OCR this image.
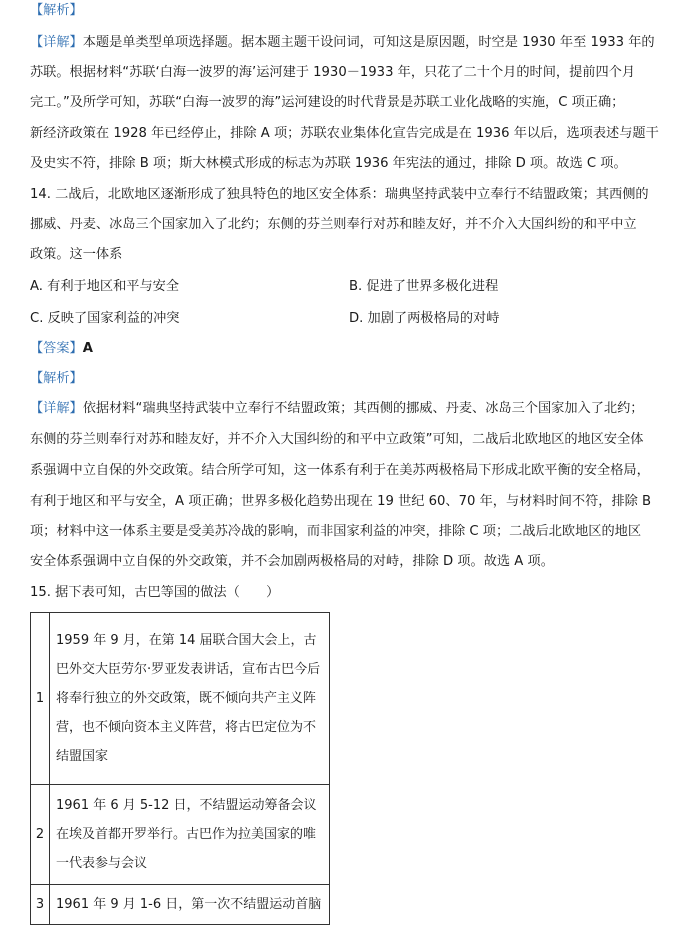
【解析】
【详解】本题是单类型单项选择题。据本题主题干设问词，可知这是原因题，时空是 1930 年至 1933 年的
苏联。根据材料“苏联‘白海一波罗的海’运河建于 1930－1933 年，只花了二十个月的时间，提前四个月
完工。”及所学可知，苏联“白海一波罗的海”运河建设的时代背景是苏联工业化战略的实施，C 项正确；
新经济政策在 1928 年已经停止，排除 A 项；苏联农业集体化宣告完成是在 1936 年以后，选项表述与题干
及史实不符，排除 B 项；斯大林模式形成的标志为苏联 1936 年宪法的通过，排除 D 项。故选 C 项。
14. 二战后，北欧地区逐渐形成了独具特色的地区安全体系：瑞典坚持武装中立奉行不结盟政策；其西侧的
挪威、丹麦、冰岛三个国家加入了北约；东侧的芬兰则奉行对苏和睦友好，并不介入大国纠纷的和平中立
政策。这一体系
A. 有利于地区和平与安全	B. 促进了世界多极化进程
C. 反映了国家利益的冲突	D. 加剧了两极格局的对峙
【答案】A
【解析】
【详解】依据材料“瑞典坚持武装中立奉行不结盟政策；其西侧的挪威、丹麦、冰岛三个国家加入了北约；
东侧的芬兰则奉行对苏和睦友好，并不介入大国纠纷的和平中立政策”可知，二战后北欧地区的地区安全体
系强调中立自保的外交政策。结合所学可知，这一体系有利于在美苏两极格局下形成北欧平衡的安全格局，
有利于地区和平与安全，A 项正确；世界多极化趋势出现在 19 世纪 60、70 年，与材料时间不符，排除 B
项；材料中这一体系主要是受美苏冷战的影响，而非国家利益的冲突，排除 C 项；二战后北欧地区的地区
安全体系强调中立自保的外交政策，并不会加剧两极格局的对峙，排除 D 项。故选 A 项。
15. 据下表可知，古巴等国的做法（　　）
1	1959 年 9 月，在第 14 届联合国大会上，古巴外交大臣劳尔·罗亚发表讲话，宣布古巴今后将奉行独立的外交政策，既不倾向共产主义阵营，也不倾向资本主义阵营，将古巴定位为不结盟国家
2	1961 年 6 月 5-12 日，不结盟运动筹备会议在埃及首都开罗举行。古巴作为拉美国家的唯一代表参与会议
3	1961 年 9 月 1-6 日，第一次不结盟运动首脑
